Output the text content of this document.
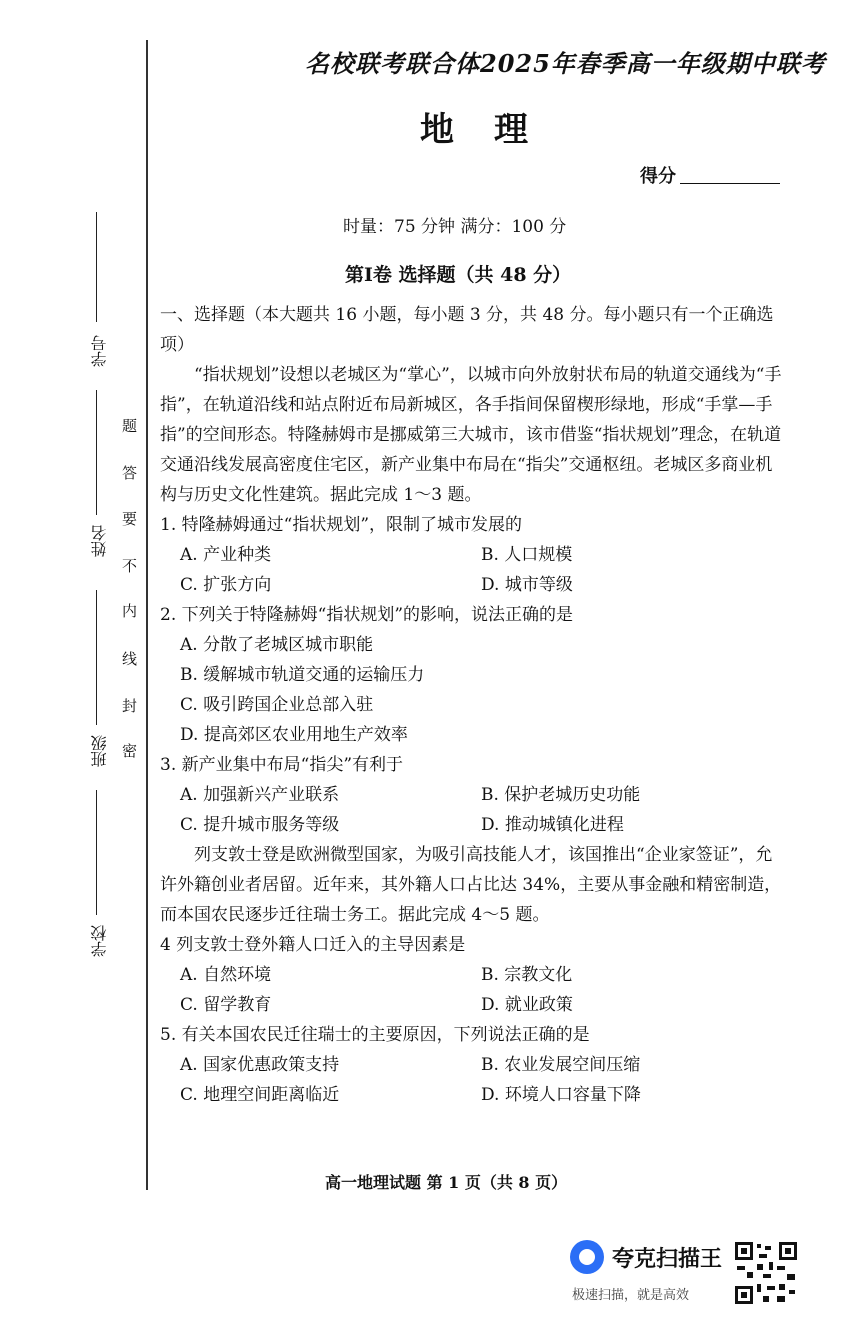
学号
姓名
班级
学校
题
答
要
不
内
线
封
密
名校联考联合体2025年春季高一年级期中联考
地理
得分
时量：75 分钟 满分：100 分
第Ⅰ卷 选择题（共 48 分）

一、选择题（本大题共 16 小题，每小题 3 分，共 48 分。每小题只有一个正确选项）

“指状规划”设想以老城区为“掌心”，以城市向外放射状布局的轨道交通线为“手指”，在轨道沿线和站点附近布局新城区，各手指间保留楔形绿地，形成“手掌—手指”的空间形态。特隆赫姆市是挪威第三大城市，该市借鉴“指状规划”理念，在轨道交通沿线发展高密度住宅区，新产业集中布局在“指尖”交通枢纽。老城区多商业机构与历史文化性建筑。据此完成 1～3 题。

1. 特隆赫姆通过“指状规划”，限制了城市发展的

A. 产业种类	B. 人口规模
C. 扩张方向	D. 城市等级

2. 下列关于特隆赫姆“指状规划”的影响，说法正确的是

A. 分散了老城区城市职能
B. 缓解城市轨道交通的运输压力
C. 吸引跨国企业总部入驻
D. 提高郊区农业用地生产效率

3. 新产业集中布局“指尖”有利于

A. 加强新兴产业联系	B. 保护老城历史功能
C. 提升城市服务等级	D. 推动城镇化进程

列支敦士登是欧洲微型国家，为吸引高技能人才，该国推出“企业家签证”，允许外籍创业者居留。近年来，其外籍人口占比达 34%，主要从事金融和精密制造，而本国农民逐步迁往瑞士务工。据此完成 4～5 题。

4 列支敦士登外籍人口迁入的主导因素是

A. 自然环境	B. 宗教文化
C. 留学教育	D. 就业政策

5. 有关本国农民迁往瑞士的主要原因，下列说法正确的是

A. 国家优惠政策支持	B. 农业发展空间压缩
C. 地理空间距离临近	D. 环境人口容量下降
高一地理试题 第 1 页（共 8 页）
夸克扫描王
极速扫描，就是高效
